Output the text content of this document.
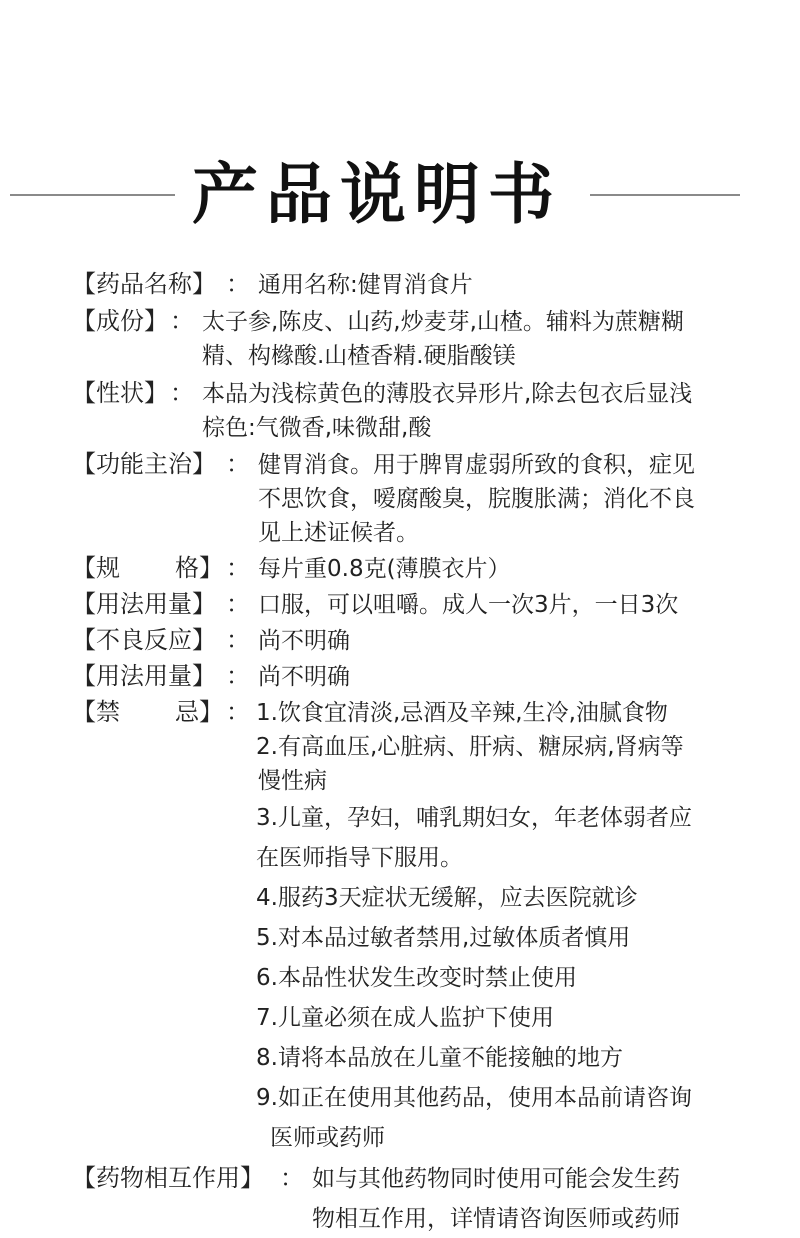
产品说明书
【药品名称】 ： 通用名称:健胃消食片
【成份】 ： 太子参,陈皮、山药,炒麦芽,山楂。辅料为蔗糖糊
精、构橼酸.山楂香精.硬脂酸镁
【性状】 ： 本品为浅棕黄色的薄股衣异形片,除去包衣后显浅
棕色:气微香,味微甜,酸
【功能主治】 ： 健胃消食。用于脾胃虚弱所致的食积，症见
不思饮食，嗳腐酸臭，脘腹胀满；消化不良
见上述证候者。
【规 格】 ： 每片重0.8克(薄膜衣片）
【用法用量】 ： 口服，可以咀嚼。成人一次3片，一日3次
【不良反应】 ： 尚不明确
【用法用量】 ： 尚不明确
【禁 忌】 ： 1.饮食宜清淡,忌酒及辛辣,生冷,油腻食物
2.有高血压,心脏病、肝病、糖尿病,肾病等
慢性病
3.儿童，孕妇，哺乳期妇女，年老体弱者应
在医师指导下服用。
4.服药3天症状无缓解，应去医院就诊
5.对本品过敏者禁用,过敏体质者慎用
6.本品性状发生改变时禁止使用
7.儿童必须在成人监护下使用
8.请将本品放在儿童不能接触的地方
9.如正在使用其他药品，使用本品前请咨询
医师或药师
【药物相互作用】 ： 如与其他药物同时使用可能会发生药
物相互作用，详情请咨询医师或药师
